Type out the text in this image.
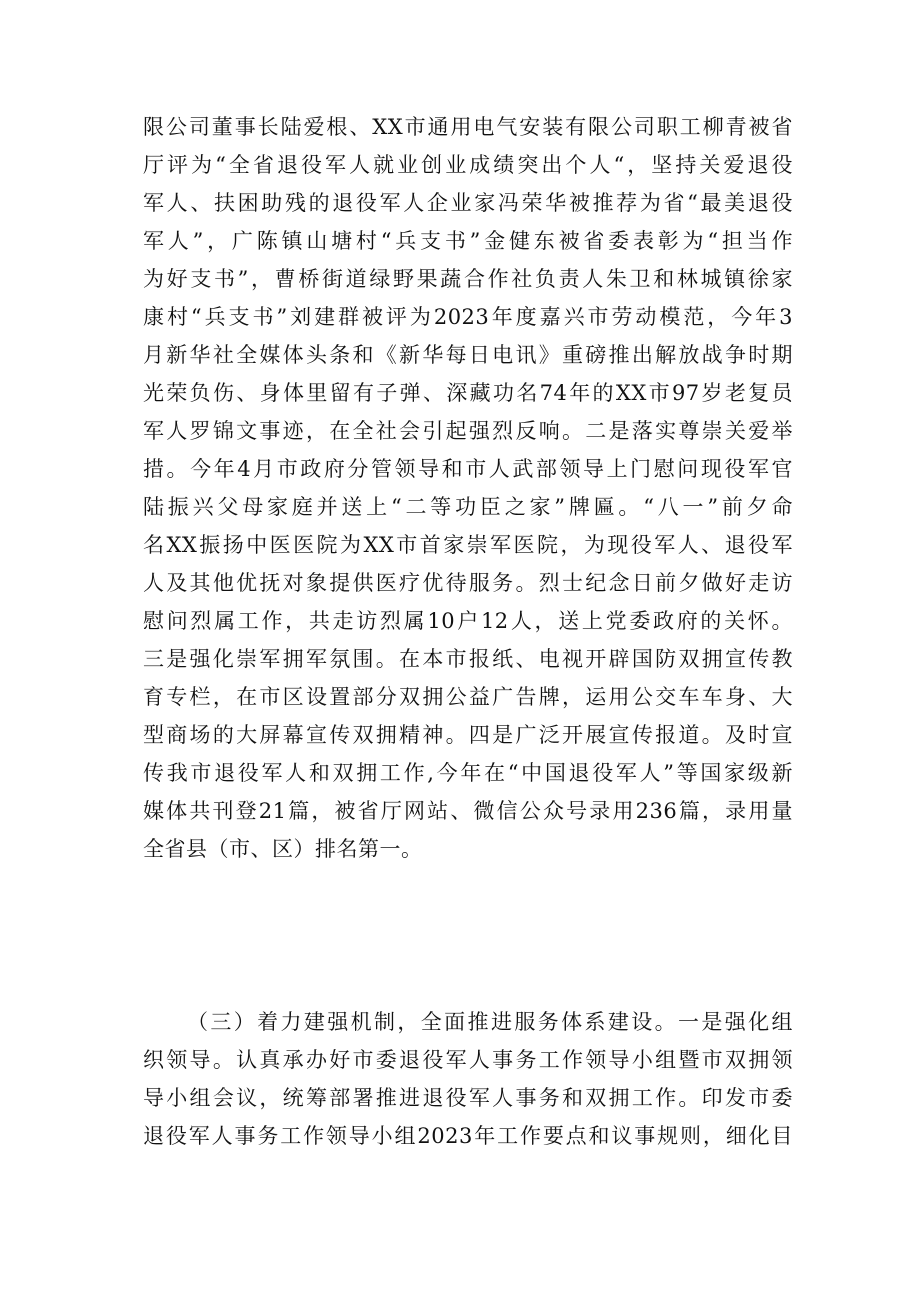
限公司董事长陆爱根、XX市通用电气安装有限公司职工柳青被省
厅评为“全省退役军人就业创业成绩突出个人“，坚持关爱退役
军人、扶困助残的退役军人企业家冯荣华被推荐为省“最美退役
军人”，广陈镇山塘村“兵支书”金健东被省委表彰为“担当作
为好支书”，曹桥街道绿野果蔬合作社负责人朱卫和林城镇徐家
康村“兵支书”刘建群被评为2023年度嘉兴市劳动模范，今年3
月新华社全媒体头条和《新华每日电讯》重磅推出解放战争时期
光荣负伤、身体里留有子弹、深藏功名74年的XX市97岁老复员
军人罗锦文事迹，在全社会引起强烈反响。二是落实尊崇关爱举
措。今年4月市政府分管领导和市人武部领导上门慰问现役军官
陆振兴父母家庭并送上“二等功臣之家”牌匾。“八一”前夕命
名XX振扬中医医院为XX市首家崇军医院，为现役军人、退役军
人及其他优抚对象提供医疗优待服务。烈士纪念日前夕做好走访
慰问烈属工作，共走访烈属10户12人，送上党委政府的关怀。
三是强化崇军拥军氛围。在本市报纸、电视开辟国防双拥宣传教
育专栏，在市区设置部分双拥公益广告牌，运用公交车车身、大
型商场的大屏幕宣传双拥精神。四是广泛开展宣传报道。及时宣
传我市退役军人和双拥工作,今年在“中国退役军人”等国家级新
媒体共刊登21篇，被省厅网站、微信公众号录用236篇，录用量
全省县（市、区）排名第一。
（三）着力建强机制，全面推进服务体系建设。一是强化组
织领导。认真承办好市委退役军人事务工作领导小组暨市双拥领
导小组会议，统筹部署推进退役军人事务和双拥工作。印发市委
退役军人事务工作领导小组2023年工作要点和议事规则，细化目
